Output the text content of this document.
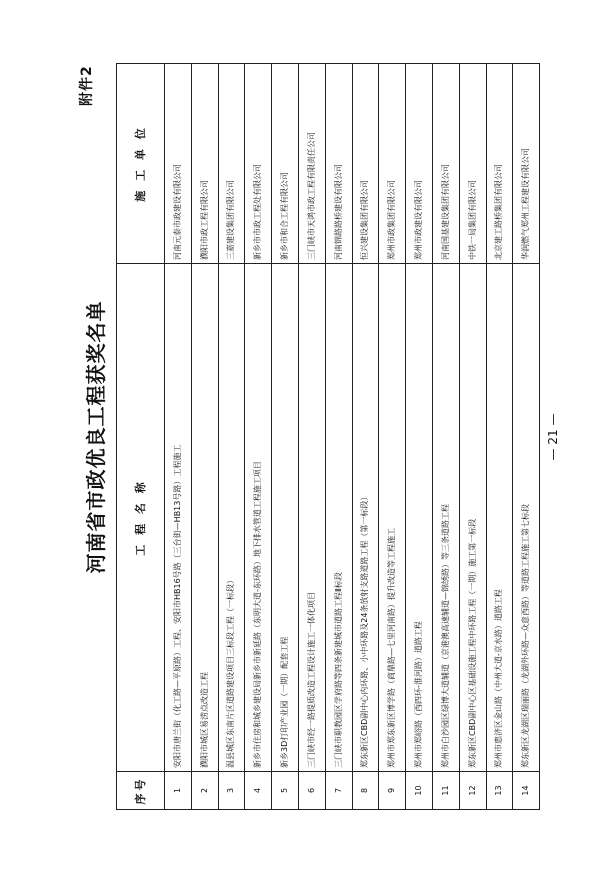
附件2
河南省市政优良工程获奖名单
序号	工 程 名 称	施 工 单 位
1	安阳市唐兰街（化工路—平原路）工程、安阳市HB16号路（三台街—HB13号路）工程施工	河南元泰市政建设有限公司
2	濮阳市城区易涝点改造工程	濮阳市政工程有限公司
3	温县城区东南片区道路建设项目三标段工程（一标段）	三嘉建设集团有限公司
4	新乡市住房和城乡建设局新乡市新延路（东明大道-东环路）地下排水管道工程施工项目	新乡市市政工程处有限公司
5	新乡3D打印产业园（一期）配套工程	新乡市和合工程有限公司
6	三门峡市经一路提质改造工程设计施工一体化项目	三门峡市天鸿市政工程有限责任公司
7	三门峡市职教园区学府路等四条新建城市道路工程Ⅱ标段	河南锦路路桥建设有限公司
8	郑东新区CBD副中心内环路、小中环路及24条放射支路道路工程（第一标段）	恒兴建设集团有限公司
9	郑州市郑东新区博学路（商鼎路—七里河南路）提升改造等工程施工	郑州市政集团有限公司
10	郑州市郑峪路（西四环-淮河路）道路工程	郑州市政建设有限公司
11	郑州市白沙园区绿博大道辅道（京港澳高速辅道—锦绣路）等三条道路工程	河南国基建设集团有限公司
12	郑东新区CBD副中心区基础设施工程中环路工程（一期）施工第一标段	中铁一局集团有限公司
13	郑州市惠济区金山路（中州大道-京水路）道路工程	北京建工路桥集团有限公司
14	郑东新区龙湖区瑞丽路（龙湖外环路—众意西路）等道路工程施工第七标段	华润燃气郑州工程建设有限公司
— 21 —
